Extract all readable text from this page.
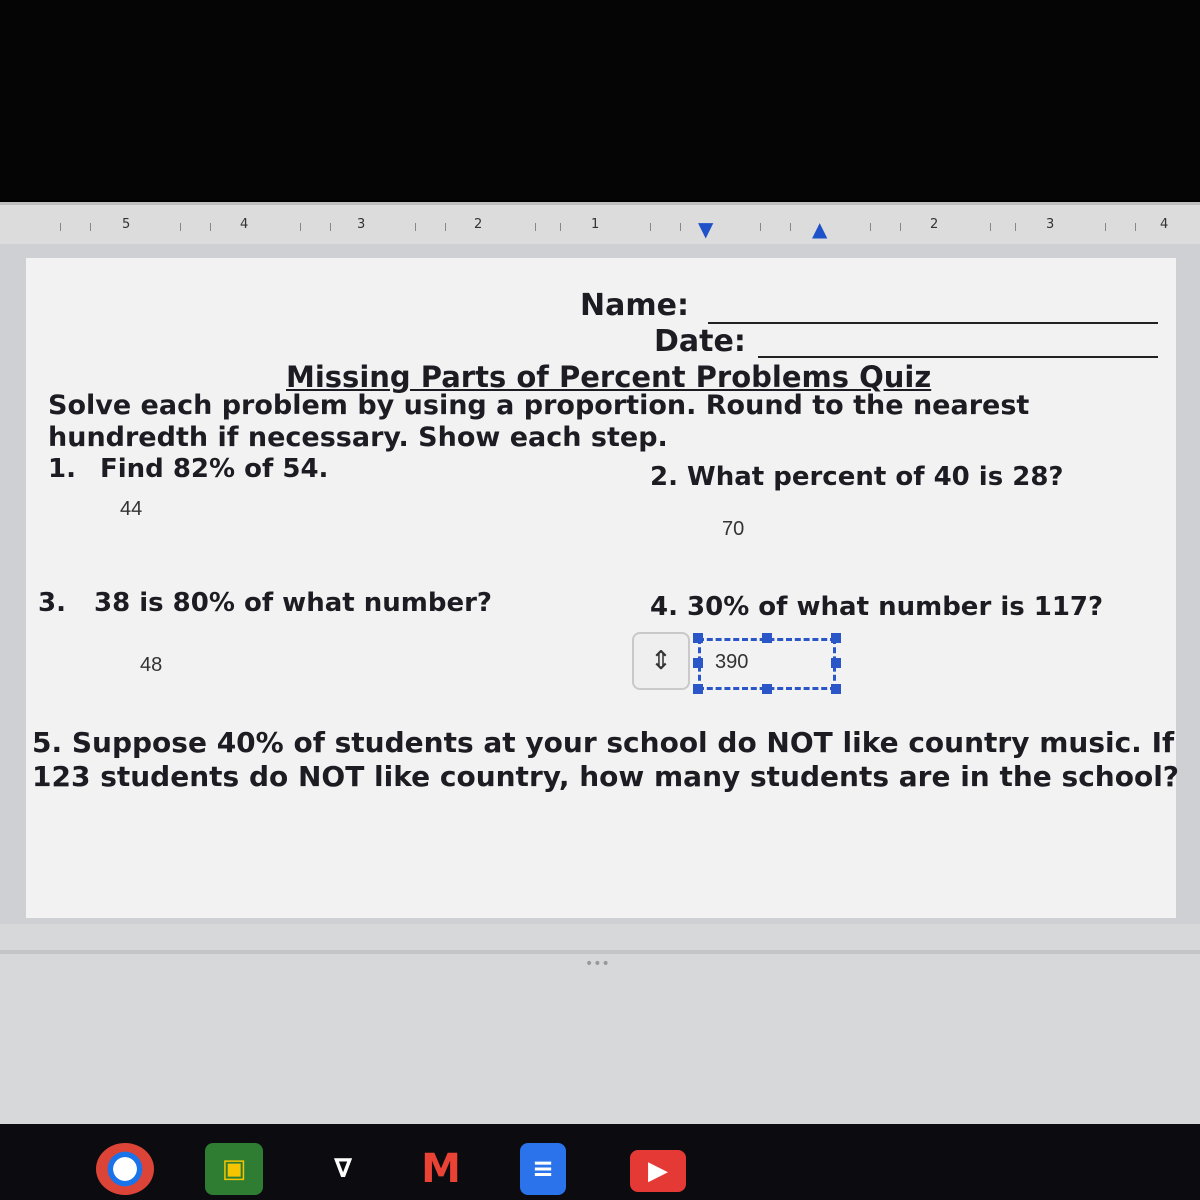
5	4	3	2	1	▼	▲	2	3	4
Name:
Date:
Missing Parts of Percent Problems Quiz
Solve each problem by using a proportion. Round to the nearest
hundredth if necessary. Show each step.
1. Find 82% of 54.
44
2. What percent of 40 is 28?
70
3. 38 is 80% of what number?
48
4. 30% of what number is 117?
5. Suppose 40% of students at your school do NOT like country music. If
123 students do NOT like country, how many students are in the school?
⇕	390
•••
▣	∇	M	≡	▶
